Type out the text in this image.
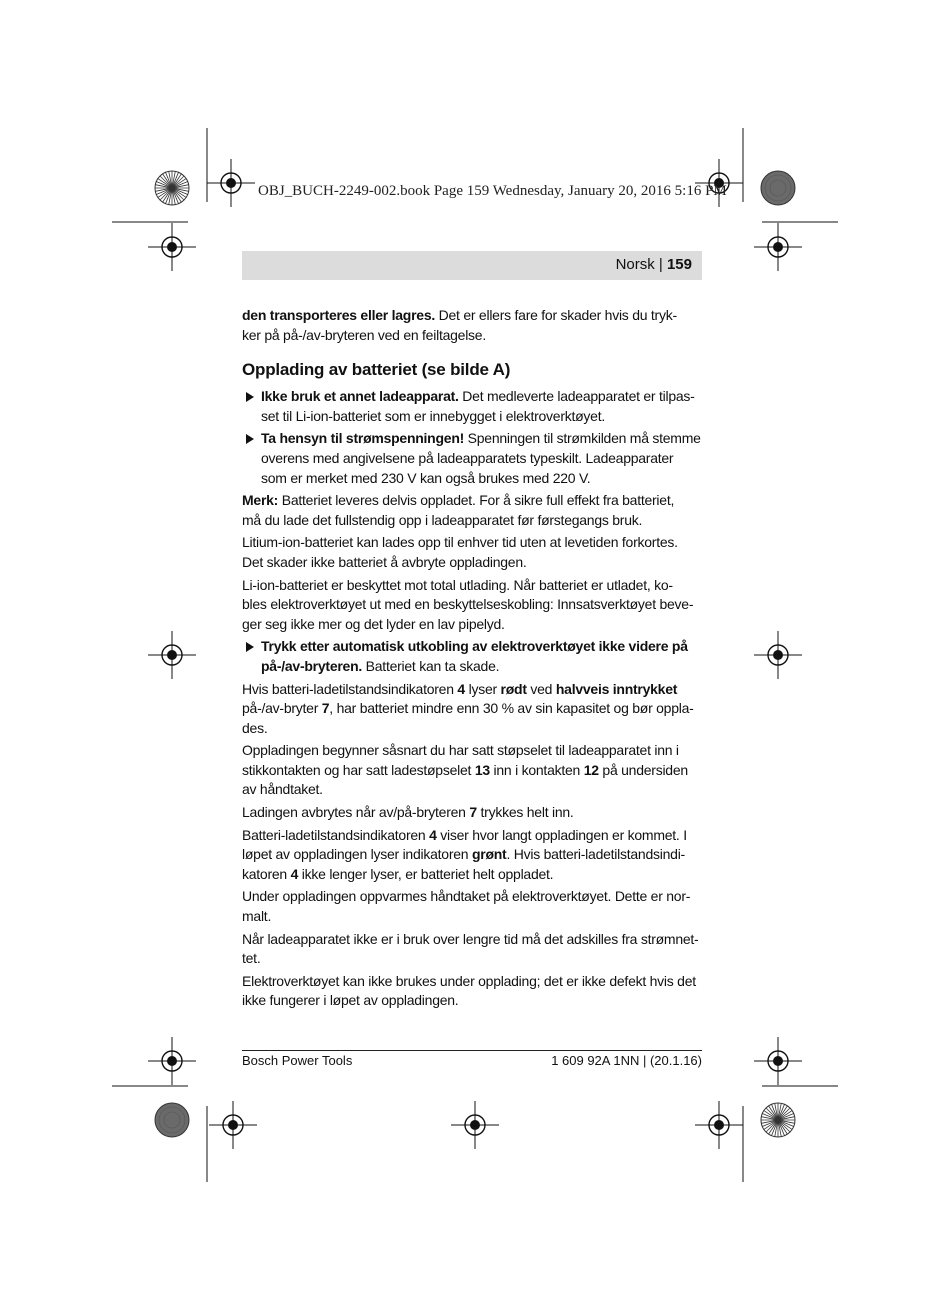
OBJ_BUCH-2249-002.book Page 159 Wednesday, January 20, 2016 5:16 PM
Norsk | 159

den transporteres eller lagres. Det er ellers fare for skader hvis du tryk-
ker på på-/av-bryteren ved en feiltagelse.

Opplading av batteriet (se bilde A)

Ikke bruk et annet ladeapparat. Det medleverte ladeapparatet er tilpas-
set til Li-ion-batteriet som er innebygget i elektroverktøyet.

Ta hensyn til strømspenningen! Spenningen til strømkilden må stemme
overens med angivelsene på ladeapparatets typeskilt. Ladeapparater
som er merket med 230 V kan også brukes med 220 V.

Merk: Batteriet leveres delvis oppladet. For å sikre full effekt fra batteriet,
må du lade det fullstendig opp i ladeapparatet før førstegangs bruk.

Litium-ion-batteriet kan lades opp til enhver tid uten at levetiden forkortes.
Det skader ikke batteriet å avbryte oppladingen.

Li-ion-batteriet er beskyttet mot total utlading. Når batteriet er utladet, ko-
bles elektroverktøyet ut med en beskyttelseskobling: Innsatsverktøyet beve-
ger seg ikke mer og det lyder en lav pipelyd.

Trykk etter automatisk utkobling av elektroverktøyet ikke videre på
på-/av-bryteren. Batteriet kan ta skade.

Hvis batteri-ladetilstandsindikatoren 4 lyser rødt ved halvveis inntrykket
på-/av-bryter 7, har batteriet mindre enn 30 % av sin kapasitet og bør oppla-
des.

Oppladingen begynner såsnart du har satt støpselet til ladeapparatet inn i
stikkontakten og har satt ladestøpselet 13 inn i kontakten 12 på undersiden
av håndtaket.

Ladingen avbrytes når av/på-bryteren 7 trykkes helt inn.

Batteri-ladetilstandsindikatoren 4 viser hvor langt oppladingen er kommet. I
løpet av oppladingen lyser indikatoren grønt. Hvis batteri-ladetilstandsindi-
katoren 4 ikke lenger lyser, er batteriet helt oppladet.

Under oppladingen oppvarmes håndtaket på elektroverktøyet. Dette er nor-
malt.

Når ladeapparatet ikke er i bruk over lengre tid må det adskilles fra strømnet-
tet.

Elektroverktøyet kan ikke brukes under opplading; det er ikke defekt hvis det
ikke fungerer i løpet av oppladingen.

Bosch Power Tools	1 609 92A 1NN | (20.1.16)
